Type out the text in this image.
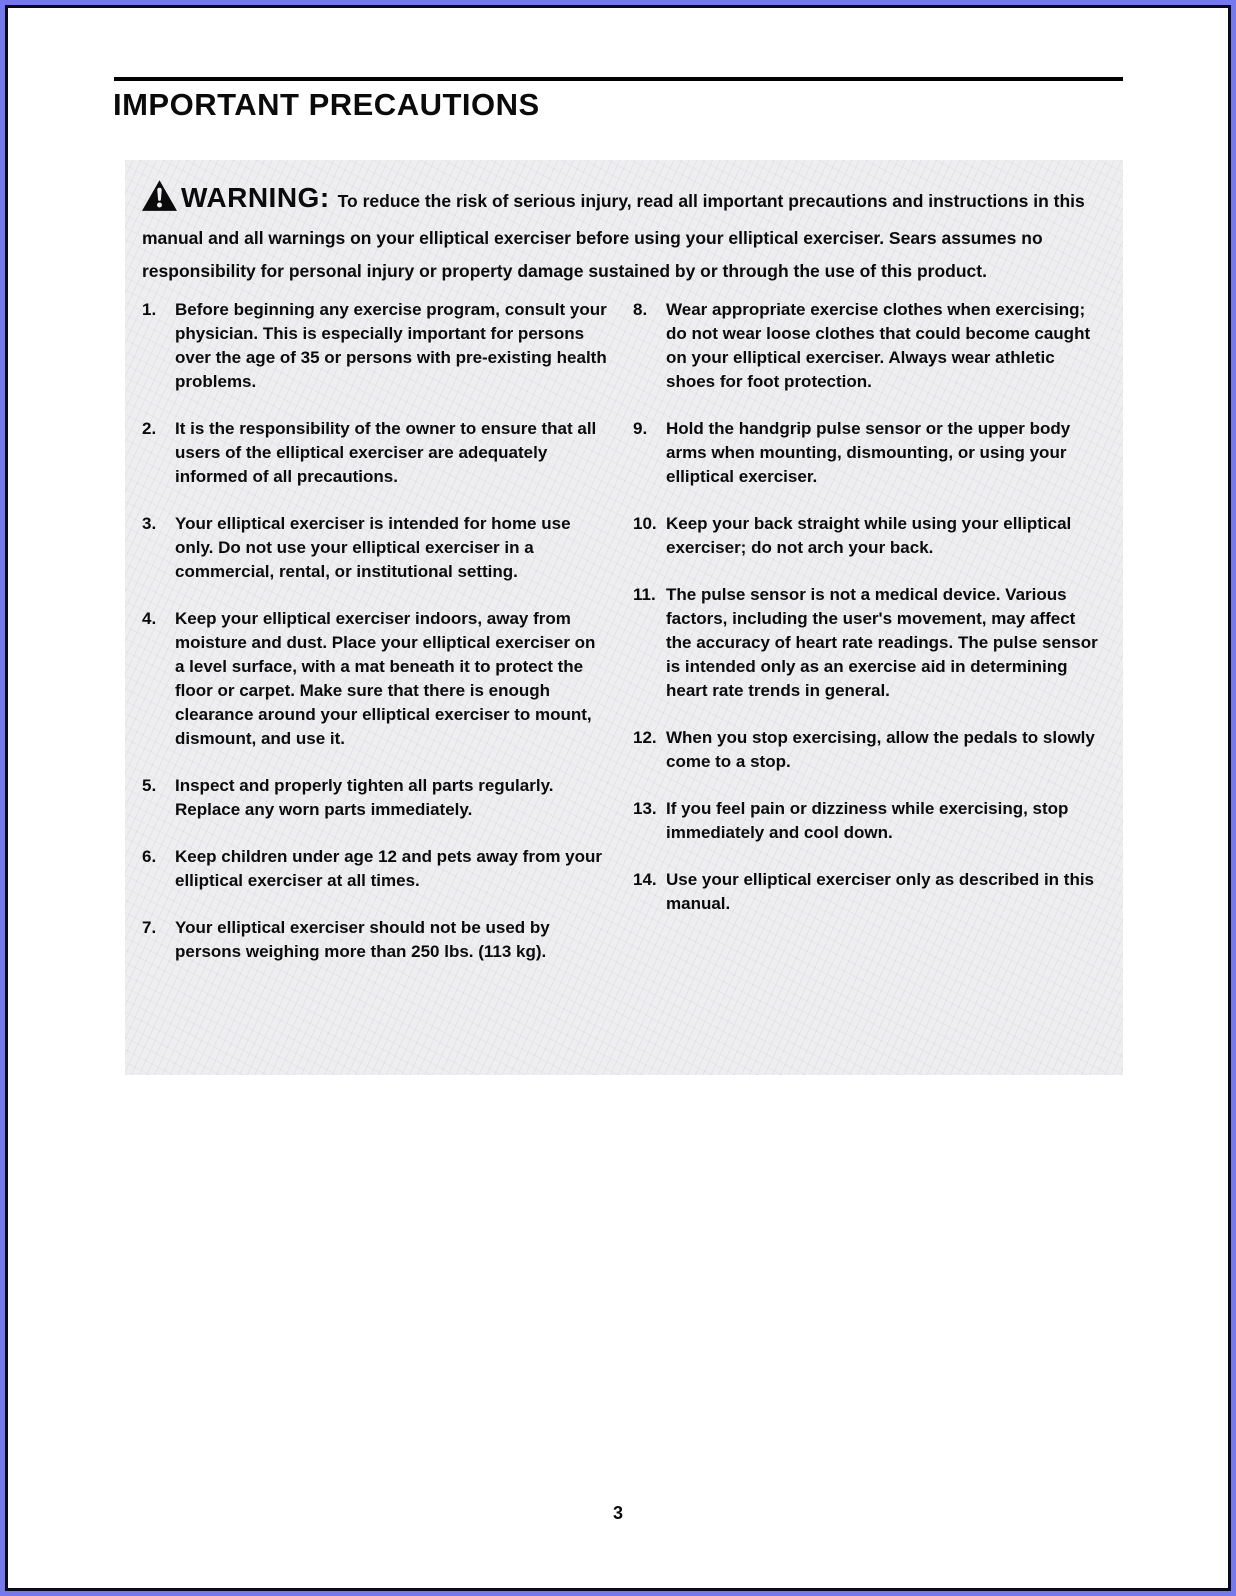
IMPORTANT PRECAUTIONS

WARNING: To reduce the risk of serious injury, read all important precautions and instructions in this manual and all warnings on your elliptical exerciser before using your elliptical exerciser. Sears assumes no responsibility for personal injury or property damage sustained by or through the use of this product.

1.	Before beginning any exercise program, consult your physician. This is especially important for persons over the age of 35 or persons with pre-existing health problems.
2.	It is the responsibility of the owner to ensure that all users of the elliptical exerciser are adequately informed of all precautions.
3.	Your elliptical exerciser is intended for home use only. Do not use your elliptical exerciser in a commercial, rental, or institutional setting.
4.	Keep your elliptical exerciser indoors, away from moisture and dust. Place your elliptical exerciser on a level surface, with a mat beneath it to protect the floor or carpet. Make sure that there is enough clearance around your elliptical exerciser to mount, dismount, and use it.
5.	Inspect and properly tighten all parts regularly. Replace any worn parts immediately.
6.	Keep children under age 12 and pets away from your elliptical exerciser at all times.
7.	Your elliptical exerciser should not be used by persons weighing more than 250 lbs. (113 kg).
8.	Wear appropriate exercise clothes when exercising; do not wear loose clothes that could become caught on your elliptical exerciser. Always wear athletic shoes for foot protection.
9.	Hold the handgrip pulse sensor or the upper body arms when mounting, dismounting, or using your elliptical exerciser.
10. Keep your back straight while using your elliptical exerciser; do not arch your back.
11. The pulse sensor is not a medical device. Various factors, including the user's movement, may affect the accuracy of heart rate readings. The pulse sensor is intended only as an exercise aid in determining heart rate trends in general.
12. When you stop exercising, allow the pedals to slowly come to a stop.
13. If you feel pain or dizziness while exercising, stop immediately and cool down.
14. Use your elliptical exerciser only as described in this manual.
3
